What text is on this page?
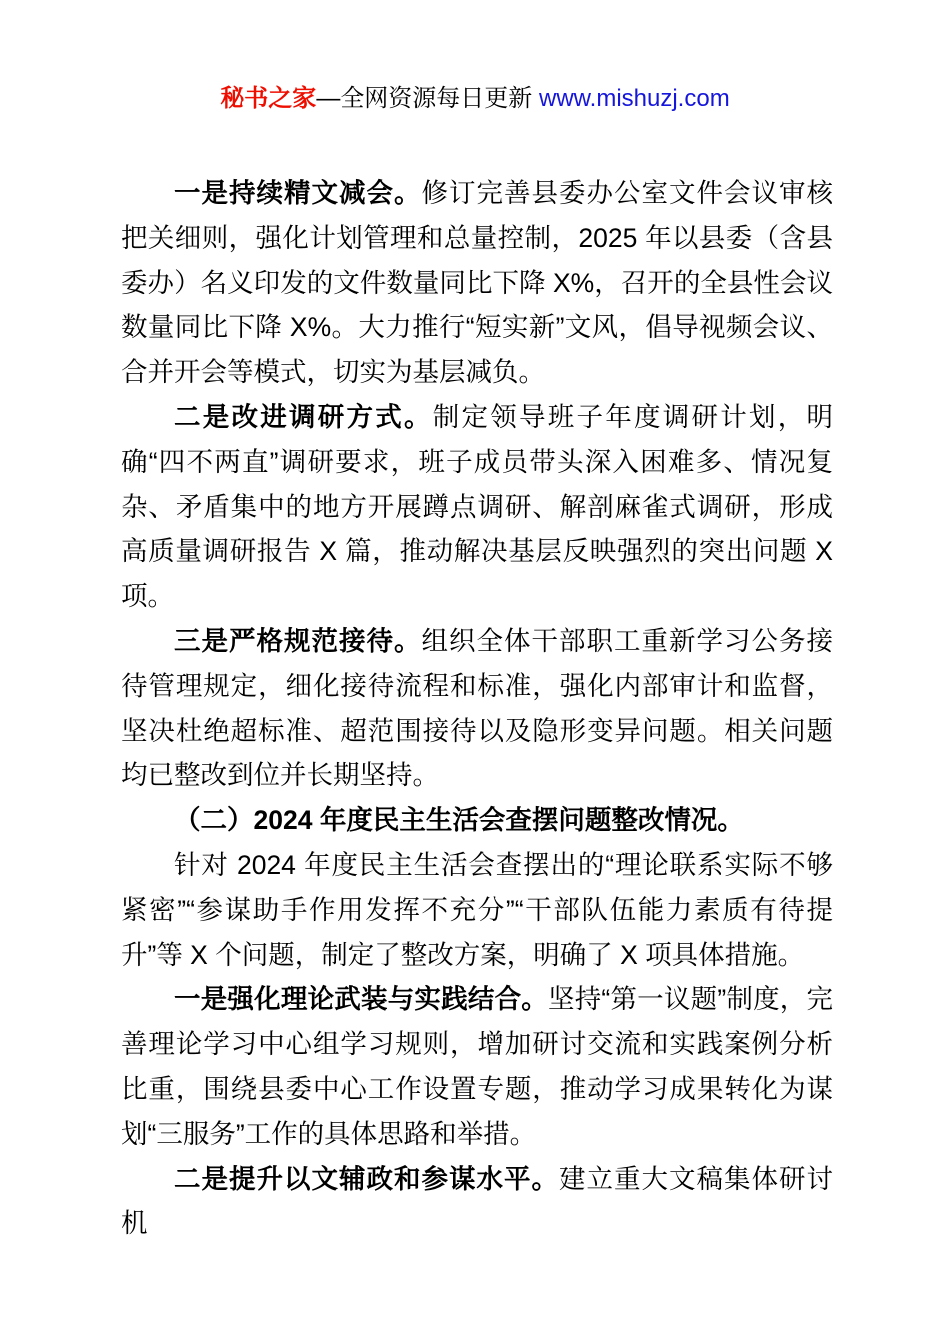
秘书之家—全网资源每日更新 www.mishuzj.com

一是持续精文减会。修订完善县委办公室文件会议审核把关细则，强化计划管理和总量控制，2025 年以县委（含县委办）名义印发的文件数量同比下降 X%，召开的全县性会议数量同比下降 X%。大力推行“短实新”文风，倡导视频会议、合并开会等模式，切实为基层减负。

二是改进调研方式。制定领导班子年度调研计划，明确“四不两直”调研要求，班子成员带头深入困难多、情况复杂、矛盾集中的地方开展蹲点调研、解剖麻雀式调研，形成高质量调研报告 X 篇，推动解决基层反映强烈的突出问题 X 项。

三是严格规范接待。组织全体干部职工重新学习公务接待管理规定，细化接待流程和标准，强化内部审计和监督，坚决杜绝超标准、超范围接待以及隐形变异问题。相关问题均已整改到位并长期坚持。

（二）2024 年度民主生活会查摆问题整改情况。

针对 2024 年度民主生活会查摆出的“理论联系实际不够紧密”“参谋助手作用发挥不充分”“干部队伍能力素质有待提升”等 X 个问题，制定了整改方案，明确了 X 项具体措施。

一是强化理论武装与实践结合。坚持“第一议题”制度，完善理论学习中心组学习规则，增加研讨交流和实践案例分析比重，围绕县委中心工作设置专题，推动学习成果转化为谋划“三服务”工作的具体思路和举措。

二是提升以文辅政和参谋水平。建立重大文稿集体研讨机
